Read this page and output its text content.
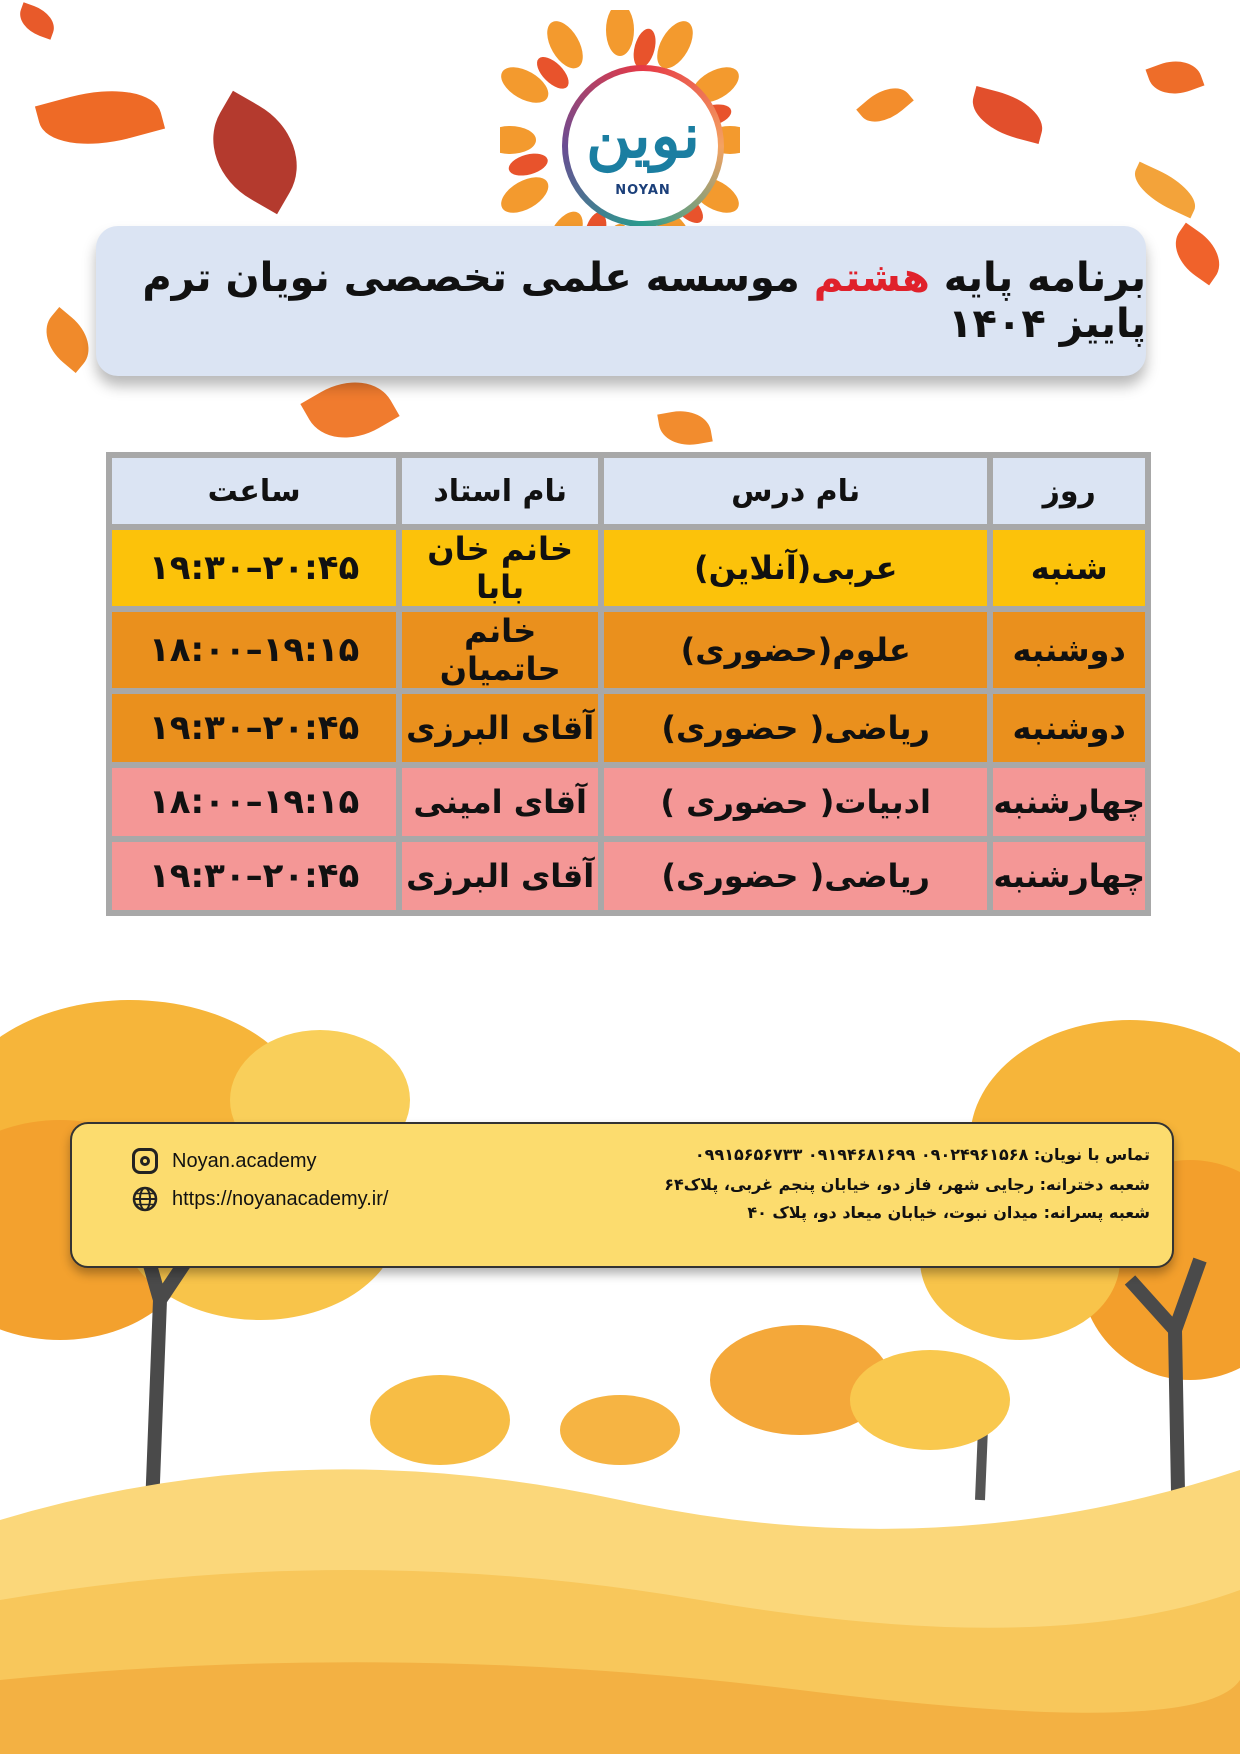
نوین
NOYAN
برنامه پایه هشتم موسسه علمی تخصصی نویان ترم پاییز ۱۴۰۴
روز	نام درس	نام استاد	ساعت
شنبه	عربی(آنلاین)	خانم خان بابا	۱۹:۳۰–۲۰:۴۵
دوشنبه	علوم(حضوری)	خانم حاتمیان	۱۸:۰۰–۱۹:۱۵
دوشنبه	ریاضی( حضوری)	آقای البرزی	۱۹:۳۰–۲۰:۴۵
چهارشنبه	ادبیات( حضوری )	آقای امینی	۱۸:۰۰–۱۹:۱۵
چهارشنبه	ریاضی( حضوری)	آقای البرزی	۱۹:۳۰–۲۰:۴۵
تماس با نویان: ۰۹۰۲۴۹۶۱۵۶۸ ۰۹۱۹۴۶۸۱۶۹۹ ۰۹۹۱۵۶۵۶۷۳۳
شعبه دخترانه: رجایی شهر، فاز دو، خیابان پنجم غربی، پلاک۶۴
شعبه پسرانه: میدان نبوت، خیابان میعاد دو، پلاک ۴۰
Noyan.academy
https://noyanacademy.ir/
